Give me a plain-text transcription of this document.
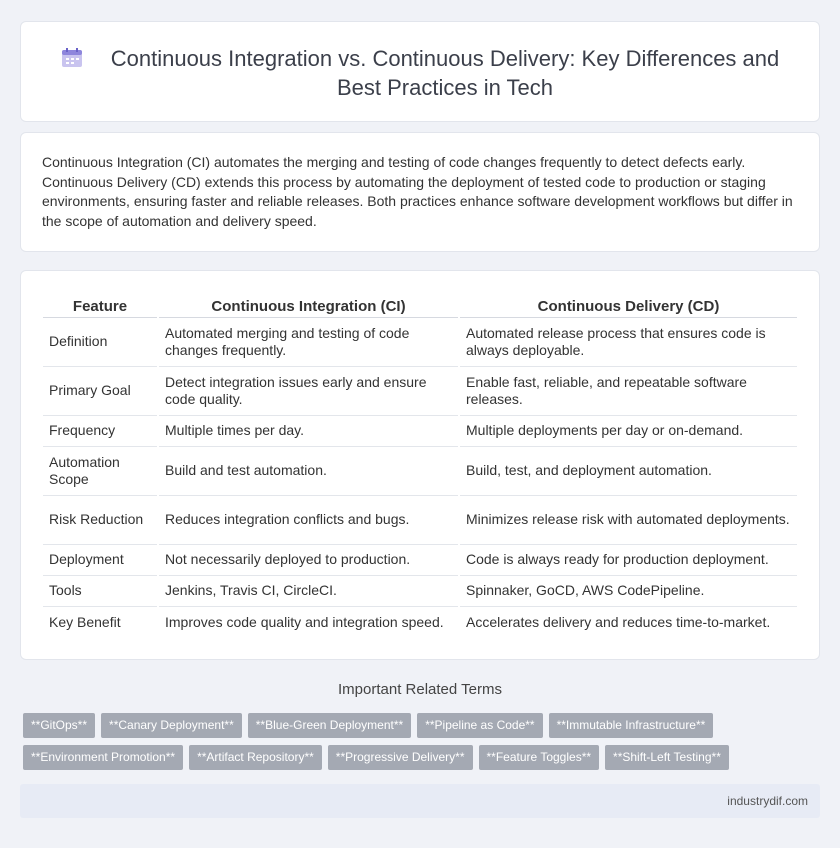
Continuous Integration vs. Continuous Delivery: Key Differences and Best Practices in Tech

Continuous Integration (CI) automates the merging and testing of code changes frequently to detect defects early. Continuous Delivery (CD) extends this process by automating the deployment of tested code to production or staging environments, ensuring faster and reliable releases. Both practices enhance software development workflows but differ in the scope of automation and delivery speed.

Feature	Continuous Integration (CI)	Continuous Delivery (CD)
Definition	Automated merging and testing of code changes frequently.	Automated release process that ensures code is always deployable.
Primary Goal	Detect integration issues early and ensure code quality.	Enable fast, reliable, and repeatable software releases.
Frequency	Multiple times per day.	Multiple deployments per day or on-demand.
Automation Scope	Build and test automation.	Build, test, and deployment automation.
Risk Reduction	Reduces integration conflicts and bugs.	Minimizes release risk with automated deployments.
Deployment	Not necessarily deployed to production.	Code is always ready for production deployment.
Tools	Jenkins, Travis CI, CircleCI.	Spinnaker, GoCD, AWS CodePipeline.
Key Benefit	Improves code quality and integration speed.	Accelerates delivery and reduces time-to-market.
Important Related Terms
**GitOps**	**Canary Deployment**	**Blue-Green Deployment**	**Pipeline as Code**	**Immutable Infrastructure**
**Environment Promotion**	**Artifact Repository**	**Progressive Delivery**	**Feature Toggles**	**Shift-Left Testing**
industrydif.com
